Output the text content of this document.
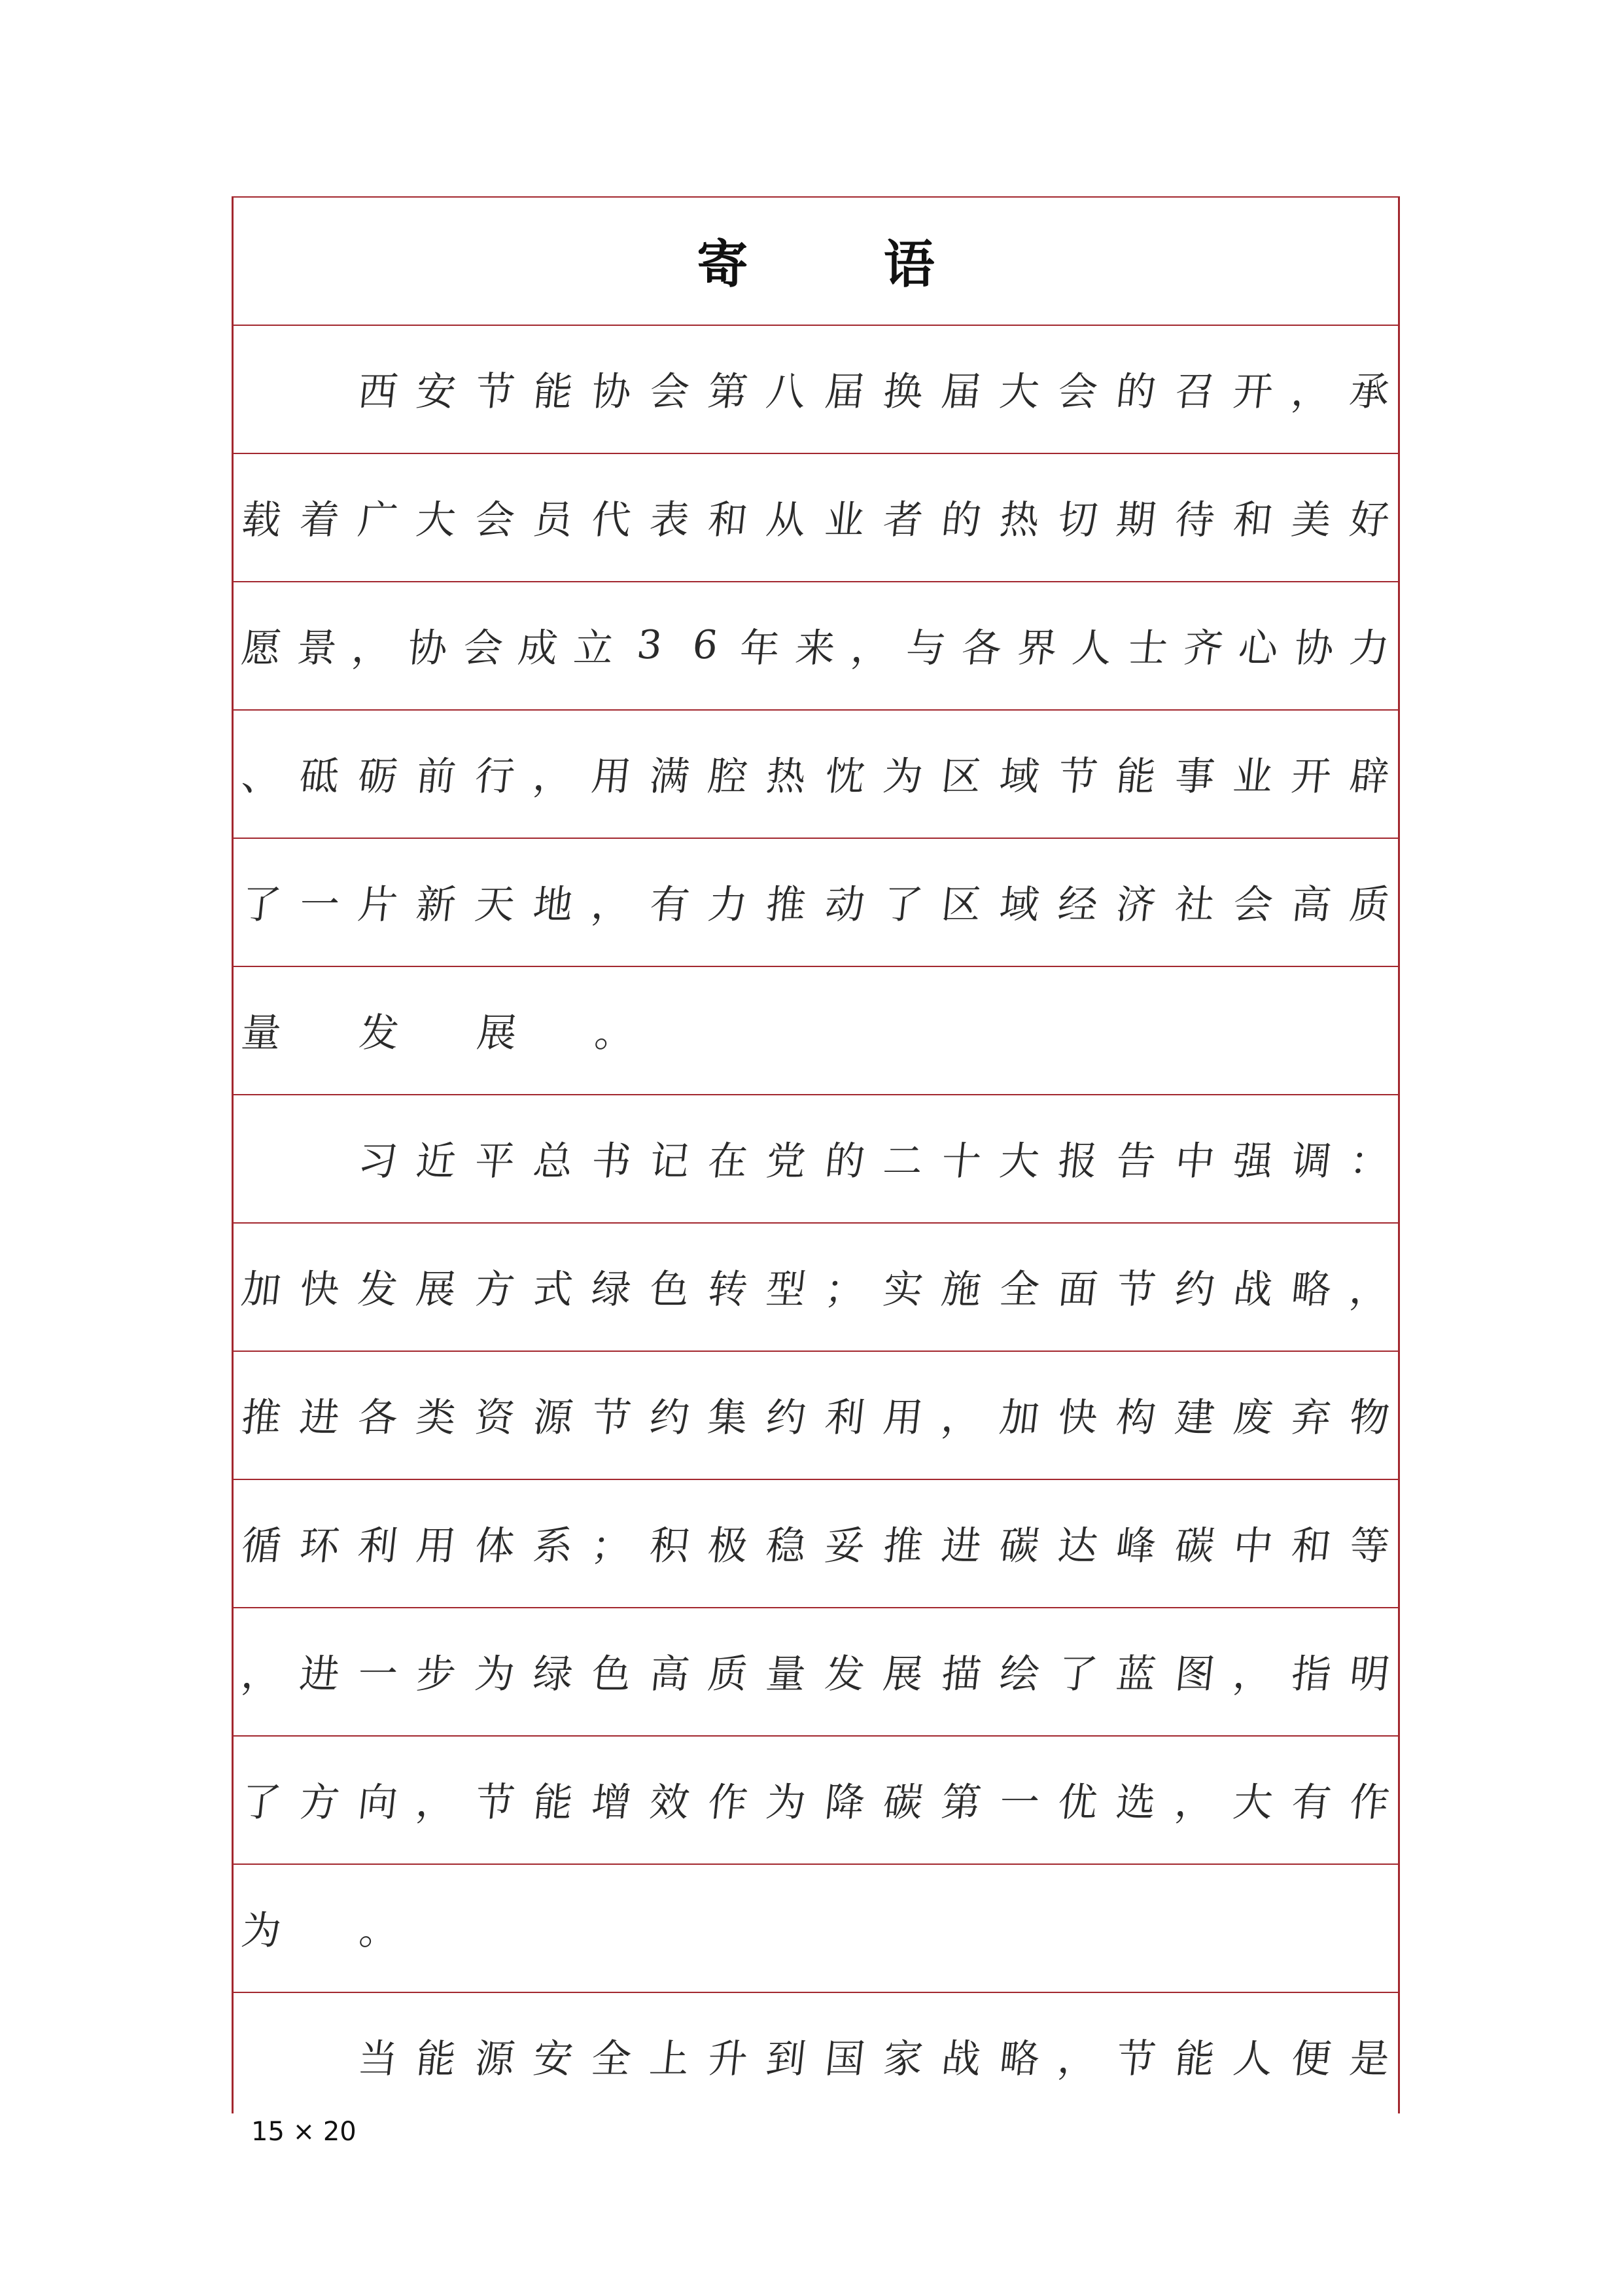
寄 语

西 安 节 能 协 会 第 八 届 换 届 大 会 的 召 开 ， 承
载 着 广 大 会 员 代 表 和 从 业 者 的 热 切 期 待 和 美 好
愿 景 ， 协 会 成 立 3 6 年 来 ， 与 各 界 人 士 齐 心 协 力
、 砥 砺 前 行 ， 用 满 腔 热 忱 为 区 域 节 能 事 业 开 辟
了 一 片 新 天 地 ， 有 力 推 动 了 区 域 经 济 社 会 高 质
量 发 展 。

习 近 平 总 书 记 在 党 的 二 十 大 报 告 中 强 调 ：
加 快 发 展 方 式 绿 色 转 型 ； 实 施 全 面 节 约 战 略 ，
推 进 各 类 资 源 节 约 集 约 利 用 ， 加 快 构 建 废 弃 物
循 环 利 用 体 系 ； 积 极 稳 妥 推 进 碳 达 峰 碳 中 和 等
， 进 一 步 为 绿 色 高 质 量 发 展 描 绘 了 蓝 图 ， 指 明
了 方 向 ， 节 能 增 效 作 为 降 碳 第 一 优 选 ， 大 有 作
为 。

当 能 源 安 全 上 升 到 国 家 战 略 ， 节 能 人 便 是
15 × 20
